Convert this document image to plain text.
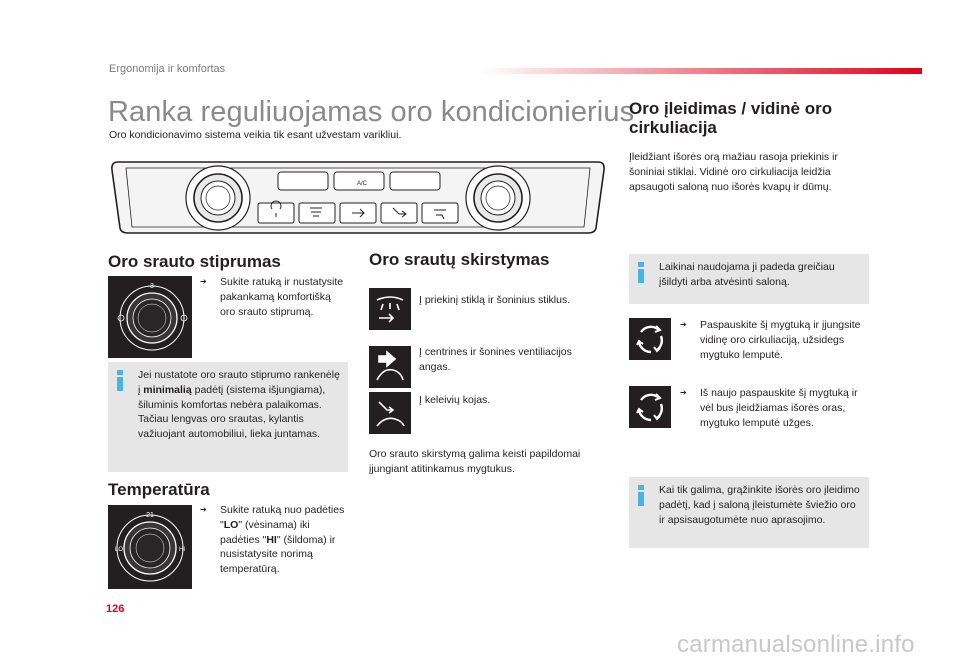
Ergonomija ir komfortas
Ranka reguliuojamas oro kondicionierius
Oro kondicionavimo sistema veikia tik esant užvestam varikliui.
A/C
Oro srauto stiprumas
3
➔	Sukite ratuką ir nustatysite pakankamą komfortišką oro srauto stiprumą.
Jei nustatote oro srauto stiprumo rankenėlę į minimalią padėtį (sistema išjungiama), šiluminis komfortas nebėra palaikomas. Tačiau lengvas oro srautas, kylantis važiuojant automobiliui, lieka juntamas.
Temperatūra
21
LO	HI
➔ Sukite ratuką nuo padėties "LO" (vėsinama) iki padėties "HI" (šildoma) ir nusistatysite norimą temperatūrą.
Oro srautų skirstymas
Į priekinį stiklą ir šoninius stiklus.
Į centrines ir šonines ventiliacijos angas.
Į keleivių kojas.
Oro srauto skirstymą galima keisti papildomai įjungiant atitinkamus mygtukus.
Oro įleidimas / vidinė oro cirkuliacija
Įleidžiant išorės orą mažiau rasoja priekinis ir šoniniai stiklai. Vidinė oro cirkuliacija leidžia apsaugoti saloną nuo išorės kvapų ir dūmų.
Laikinai naudojama ji padeda greičiau įšildyti arba atvėsinti saloną.
➔ Paspauskite šį mygtuką ir įjungsite vidinę oro cirkuliaciją, užsidegs mygtuko lemputė.
➔ Iš naujo paspauskite šį mygtuką ir vėl bus įleidžiamas išorės oras, mygtuko lemputė užges.
Kai tik galima, grąžinkite išorės oro įleidimo padėtį, kad į saloną įleistumėte šviežio oro ir apsisaugotumėte nuo aprasojimo.
126
carmanualsonline.info
